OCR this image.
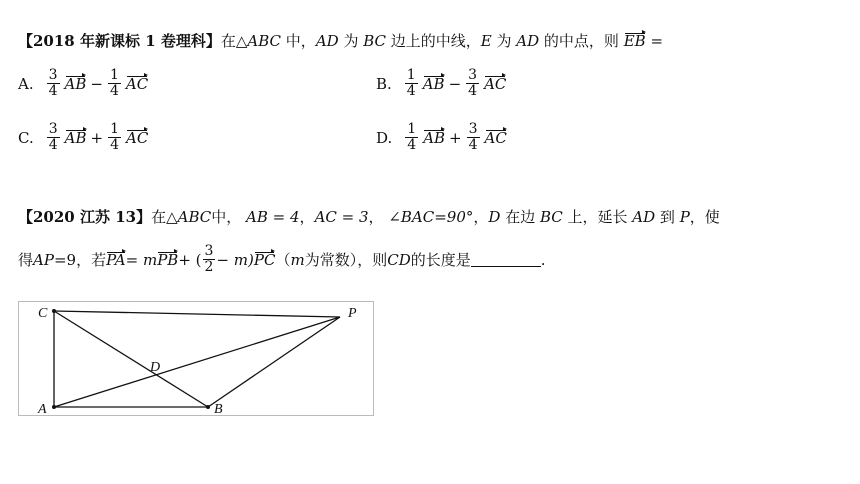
【2018 年新课标 1 卷理科】在△ABC 中，AD 为 BC 边上的中线，E 为 AD 的中点，则 EB =
A. $\frac{3}{4}$ AB − $\frac{1}{4}$ AC	B. $\frac{1}{4}$ AB − $\frac{3}{4}$ AC
C. $\frac{3}{4}$ AB + $\frac{1}{4}$ AC	D. $\frac{1}{4}$ AB + $\frac{3}{4}$ AC
【2020 江苏 13】在△ABC中， AB = 4，AC = 3， ∠BAC=90°，D 在边 BC 上，延长 AD 到 P，使
得 AP =9，若 PA = m PB + ( $\frac{3}{2} - m$) PC （ m 为常数），则 CD 的长度是	.
C	P
D
A	B
